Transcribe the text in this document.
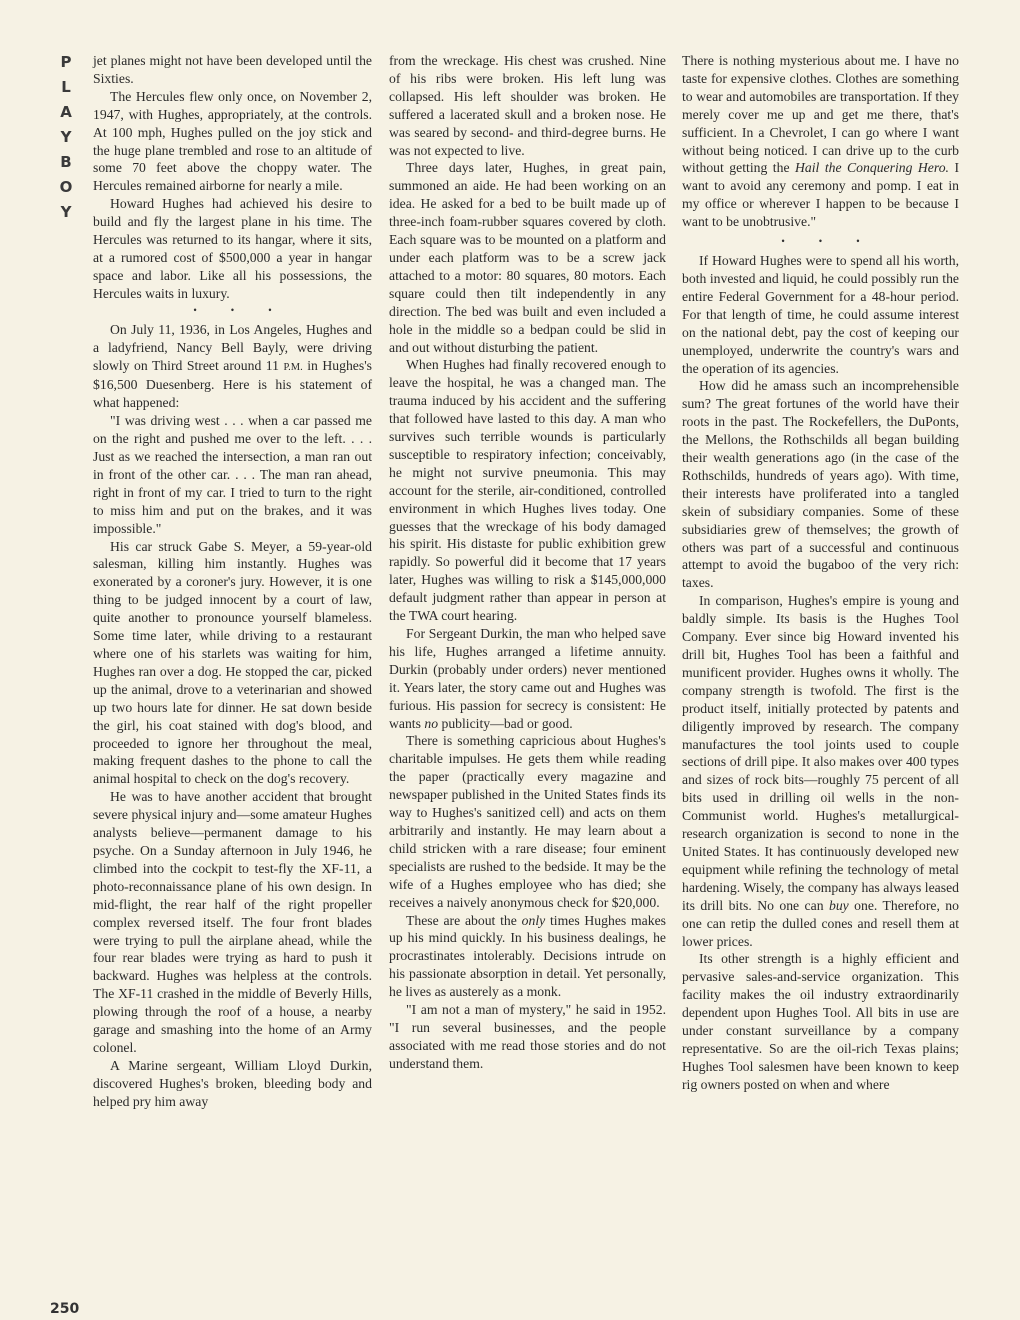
P
L
A
Y
B
O
Y
250

jet planes might not have been developed until the Sixties.

The Hercules flew only once, on November 2, 1947, with Hughes, appropriately, at the controls. At 100 mph, Hughes pulled on the joy stick and the huge plane trembled and rose to an altitude of some 70 feet above the choppy water. The Hercules remained airborne for nearly a mile.

Howard Hughes had achieved his desire to build and fly the largest plane in his time. The Hercules was returned to its hangar, where it sits, at a rumored cost of $500,000 a year in hangar space and labor. Like all his possessions, the Hercules waits in luxury.

• • •

On July 11, 1936, in Los Angeles, Hughes and a ladyfriend, Nancy Bell Bayly, were driving slowly on Third Street around 11 P.M. in Hughes's $16,500 Duesenberg. Here is his statement of what happened:

"I was driving west . . . when a car passed me on the right and pushed me over to the left. . . . Just as we reached the intersection, a man ran out in front of the other car. . . . The man ran ahead, right in front of my car. I tried to turn to the right to miss him and put on the brakes, and it was impossible."

His car struck Gabe S. Meyer, a 59-year-old salesman, killing him instantly. Hughes was exonerated by a coroner's jury. However, it is one thing to be judged innocent by a court of law, quite another to pronounce yourself blameless. Some time later, while driving to a restaurant where one of his starlets was waiting for him, Hughes ran over a dog. He stopped the car, picked up the animal, drove to a veterinarian and showed up two hours late for dinner. He sat down beside the girl, his coat stained with dog's blood, and proceeded to ignore her throughout the meal, making frequent dashes to the phone to call the animal hospital to check on the dog's recovery.

He was to have another accident that brought severe physical injury and—some amateur Hughes analysts believe—permanent damage to his psyche. On a Sunday afternoon in July 1946, he climbed into the cockpit to test-fly the XF-11, a photo-reconnaissance plane of his own design. In mid-flight, the rear half of the right propeller complex reversed itself. The four front blades were trying to pull the airplane ahead, while the four rear blades were trying as hard to push it backward. Hughes was helpless at the controls. The XF-11 crashed in the middle of Beverly Hills, plowing through the roof of a house, a nearby garage and smashing into the home of an Army colonel.

A Marine sergeant, William Lloyd Durkin, discovered Hughes's broken, bleeding body and helped pry him away

from the wreckage. His chest was crushed. Nine of his ribs were broken. His left lung was collapsed. His left shoulder was broken. He suffered a lacerated skull and a broken nose. He was seared by second- and third-degree burns. He was not expected to live.

Three days later, Hughes, in great pain, summoned an aide. He had been working on an idea. He asked for a bed to be built made up of three-inch foam-rubber squares covered by cloth. Each square was to be mounted on a platform and under each platform was to be a screw jack attached to a motor: 80 squares, 80 motors. Each square could then tilt independently in any direction. The bed was built and even included a hole in the middle so a bedpan could be slid in and out without disturbing the patient.

When Hughes had finally recovered enough to leave the hospital, he was a changed man. The trauma induced by his accident and the suffering that followed have lasted to this day. A man who survives such terrible wounds is particularly susceptible to respiratory infection; conceivably, he might not survive pneumonia. This may account for the sterile, air-conditioned, controlled environment in which Hughes lives today. One guesses that the wreckage of his body damaged his spirit. His distaste for public exhibition grew rapidly. So powerful did it become that 17 years later, Hughes was willing to risk a $145,000,000 default judgment rather than appear in person at the TWA court hearing.

For Sergeant Durkin, the man who helped save his life, Hughes arranged a lifetime annuity. Durkin (probably under orders) never mentioned it. Years later, the story came out and Hughes was furious. His passion for secrecy is consistent: He wants no publicity—bad or good.

There is something capricious about Hughes's charitable impulses. He gets them while reading the paper (practically every magazine and newspaper published in the United States finds its way to Hughes's sanitized cell) and acts on them arbitrarily and instantly. He may learn about a child stricken with a rare disease; four eminent specialists are rushed to the bedside. It may be the wife of a Hughes employee who has died; she receives a naively anonymous check for $20,000.

These are about the only times Hughes makes up his mind quickly. In his business dealings, he procrastinates intolerably. Decisions intrude on his passionate absorption in detail. Yet personally, he lives as austerely as a monk.

"I am not a man of mystery," he said in 1952. "I run several businesses, and the people associated with me read those stories and do not understand them.

There is nothing mysterious about me. I have no taste for expensive clothes. Clothes are something to wear and automobiles are transportation. If they merely cover me up and get me there, that's sufficient. In a Chevrolet, I can go where I want without being noticed. I can drive up to the curb without getting the Hail the Conquering Hero. I want to avoid any ceremony and pomp. I eat in my office or wherever I happen to be because I want to be unobtrusive."

• • •

If Howard Hughes were to spend all his worth, both invested and liquid, he could possibly run the entire Federal Government for a 48-hour period. For that length of time, he could assume interest on the national debt, pay the cost of keeping our unemployed, underwrite the country's wars and the operation of its agencies.

How did he amass such an incomprehensible sum? The great fortunes of the world have their roots in the past. The Rockefellers, the DuPonts, the Mellons, the Rothschilds all began building their wealth generations ago (in the case of the Rothschilds, hundreds of years ago). With time, their interests have proliferated into a tangled skein of subsidiary companies. Some of these subsidiaries grew of themselves; the growth of others was part of a successful and continuous attempt to avoid the bugaboo of the very rich: taxes.

In comparison, Hughes's empire is young and baldly simple. Its basis is the Hughes Tool Company. Ever since big Howard invented his drill bit, Hughes Tool has been a faithful and munificent provider. Hughes owns it wholly. The company strength is twofold. The first is the product itself, initially protected by patents and diligently improved by research. The company manufactures the tool joints used to couple sections of drill pipe. It also makes over 400 types and sizes of rock bits—roughly 75 percent of all bits used in drilling oil wells in the non-Communist world. Hughes's metallurgical-research organization is second to none in the United States. It has continuously developed new equipment while refining the technology of metal hardening. Wisely, the company has always leased its drill bits. No one can buy one. Therefore, no one can retip the dulled cones and resell them at lower prices.

Its other strength is a highly efficient and pervasive sales-and-service organization. This facility makes the oil industry extraordinarily dependent upon Hughes Tool. All bits in use are under constant surveillance by a company representative. So are the oil-rich Texas plains; Hughes Tool salesmen have been known to keep rig owners posted on when and where
